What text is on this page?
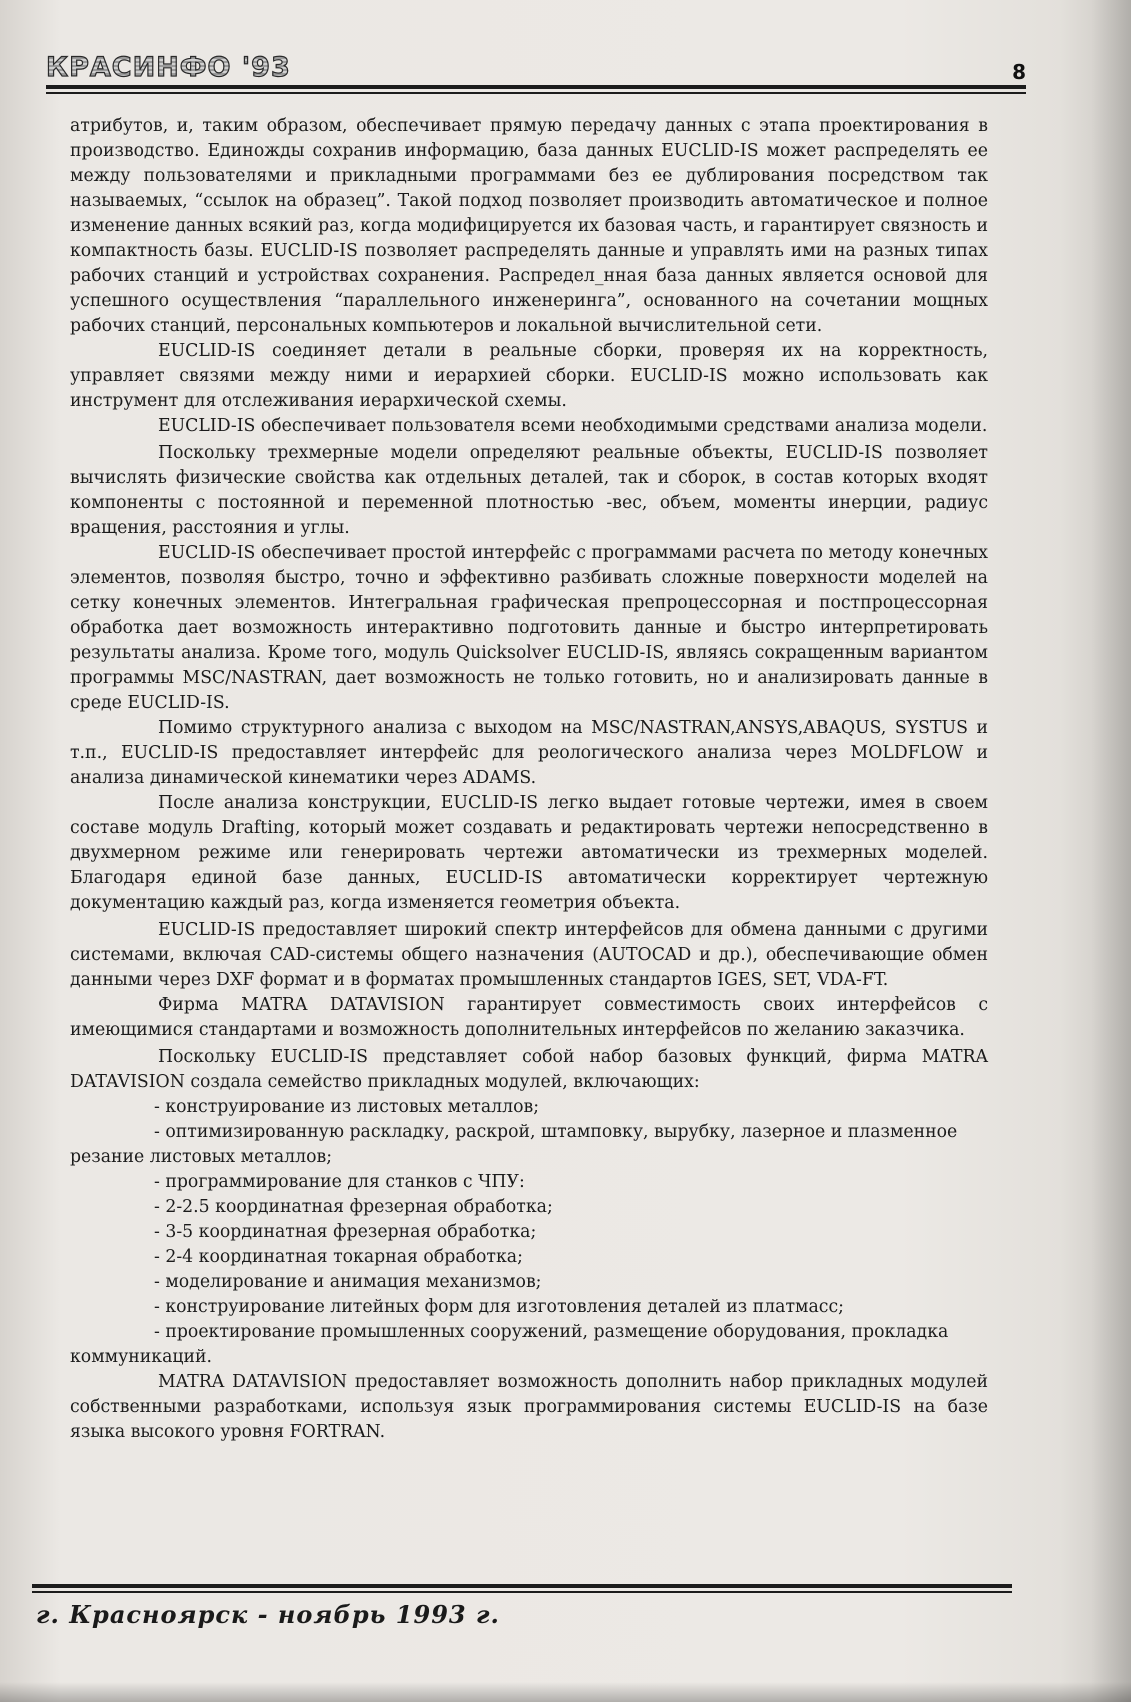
КРАСИНФО '93	8

атрибутов, и, таким образом, обеспечивает прямую передачу данных с этапа проектирования в производство. Единожды сохранив информацию, база данных EUCLID-IS может распределять ее между пользователями и прикладными программами без ее дублирования посредством так называемых, “ссылок на образец”. Такой подход позволяет производить автоматическое и полное изменение данных всякий раз, когда модифицируется их базовая часть, и гарантирует связность и компактность базы. EUCLID-IS позволяет распределять данные и управлять ими на разных типах рабочих станций и устройствах сохранения. Распредел_нная база данных является основой для успешного осуществления “параллельного инженеринга”, основанного на сочетании мощных рабочих станций, персональных компьютеров и локальной вычислительной сети.

EUCLID-IS соединяет детали в реальные сборки, проверяя их на корректность, управляет связями между ними и иерархией сборки. EUCLID-IS можно использовать как инструмент для отслеживания иерархической схемы.

EUCLID-IS обеспечивает пользователя всеми необходимыми средствами анализа модели.

Поскольку трехмерные модели определяют реальные объекты, EUCLID-IS позволяет вычислять физические свойства как отдельных деталей, так и сборок, в состав которых входят компоненты с постоянной и переменной плотностью -вес, объем, моменты инерции, радиус вращения, расстояния и углы.

EUCLID-IS обеспечивает простой интерфейс с программами расчета по методу конечных элементов, позволяя быстро, точно и эффективно разбивать сложные поверхности моделей на сетку конечных элементов. Интегральная графическая препроцессорная и постпроцессорная обработка дает возможность интерактивно подготовить данные и быстро интерпретировать результаты анализа. Кроме того, модуль Quicksolver EUCLID-IS, являясь сокращенным вариантом программы MSC/NASTRAN, дает возможность не только готовить, но и анализировать данные в среде EUCLID-IS.

Помимо структурного анализа с выходом на MSC/NASTRAN,ANSYS,ABAQUS, SYSTUS и т.п., EUCLID-IS предоставляет интерфейс для реологического анализа через MOLDFLOW и анализа динамической кинематики через ADAMS.

После анализа конструкции, EUCLID-IS легко выдает готовые чертежи, имея в своем составе модуль Drafting, который может создавать и редактировать чертежи непосредственно в двухмерном режиме или генерировать чертежи автоматически из трехмерных моделей. Благодаря единой базе данных, EUCLID-IS автоматически корректирует чертежную документацию каждый раз, когда изменяется геометрия объекта.

EUCLID-IS предоставляет широкий спектр интерфейсов для обмена данными с другими системами, включая CAD-системы общего назначения (AUTOCAD и др.), обеспечивающие обмен данными через DXF формат и в форматах промышленных стандартов IGES, SET, VDA-FT.

Фирма MATRA DATAVISION гарантирует совместимость своих интерфейсов с имеющимися стандартами и возможность дополнительных интерфейсов по желанию заказчика.

Поскольку EUCLID-IS представляет собой набор базовых функций, фирма MATRA DATAVISION создала семейство прикладных модулей, включающих:

- конструирование из листовых металлов;

- оптимизированную раскладку, раскрой, штамповку, вырубку, лазерное и плазменное резание листовых металлов;

- программирование для станков с ЧПУ:

- 2-2.5 координатная фрезерная обработка;

- 3-5 координатная фрезерная обработка;

- 2-4 координатная токарная обработка;

- моделирование и анимация механизмов;

- конструирование литейных форм для изготовления деталей из платмасс;

- проектирование промышленных сооружений, размещение оборудования, прокладка коммуникаций.

MATRA DATAVISION предоставляет возможность дополнить набор прикладных модулей собственными разработками, используя язык программирования системы EUCLID-IS на базе языка высокого уровня FORTRAN.

г. Красноярск - ноябрь 1993 г.
